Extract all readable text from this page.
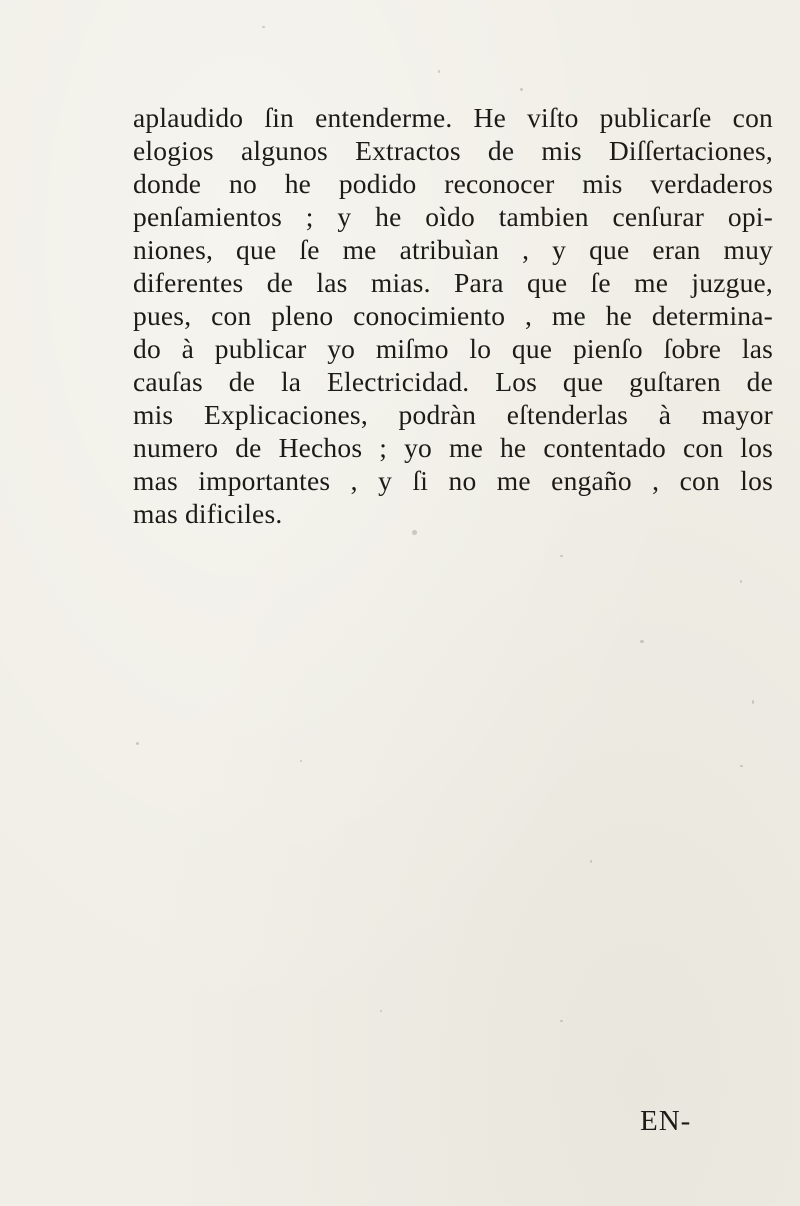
aplaudido ſin entenderme. He viſto publicarſe con
elogios algunos Extractos de mis Diſſertaciones,
donde no he podido reconocer mis verdaderos
penſamientos ; y he oìdo tambien cenſurar opi-
niones, que ſe me atribuìan , y que eran muy
diferentes de las mias. Para que ſe me juzgue,
pues, con pleno conocimiento , me he determina-
do à publicar yo miſmo lo que pienſo ſobre las
cauſas de la Electricidad. Los que guſtaren de
mis Explicaciones, podràn eſtenderlas à mayor
numero de Hechos ; yo me he contentado con los
mas importantes , y ſi no me engaño , con los
mas dificiles.
EN-
